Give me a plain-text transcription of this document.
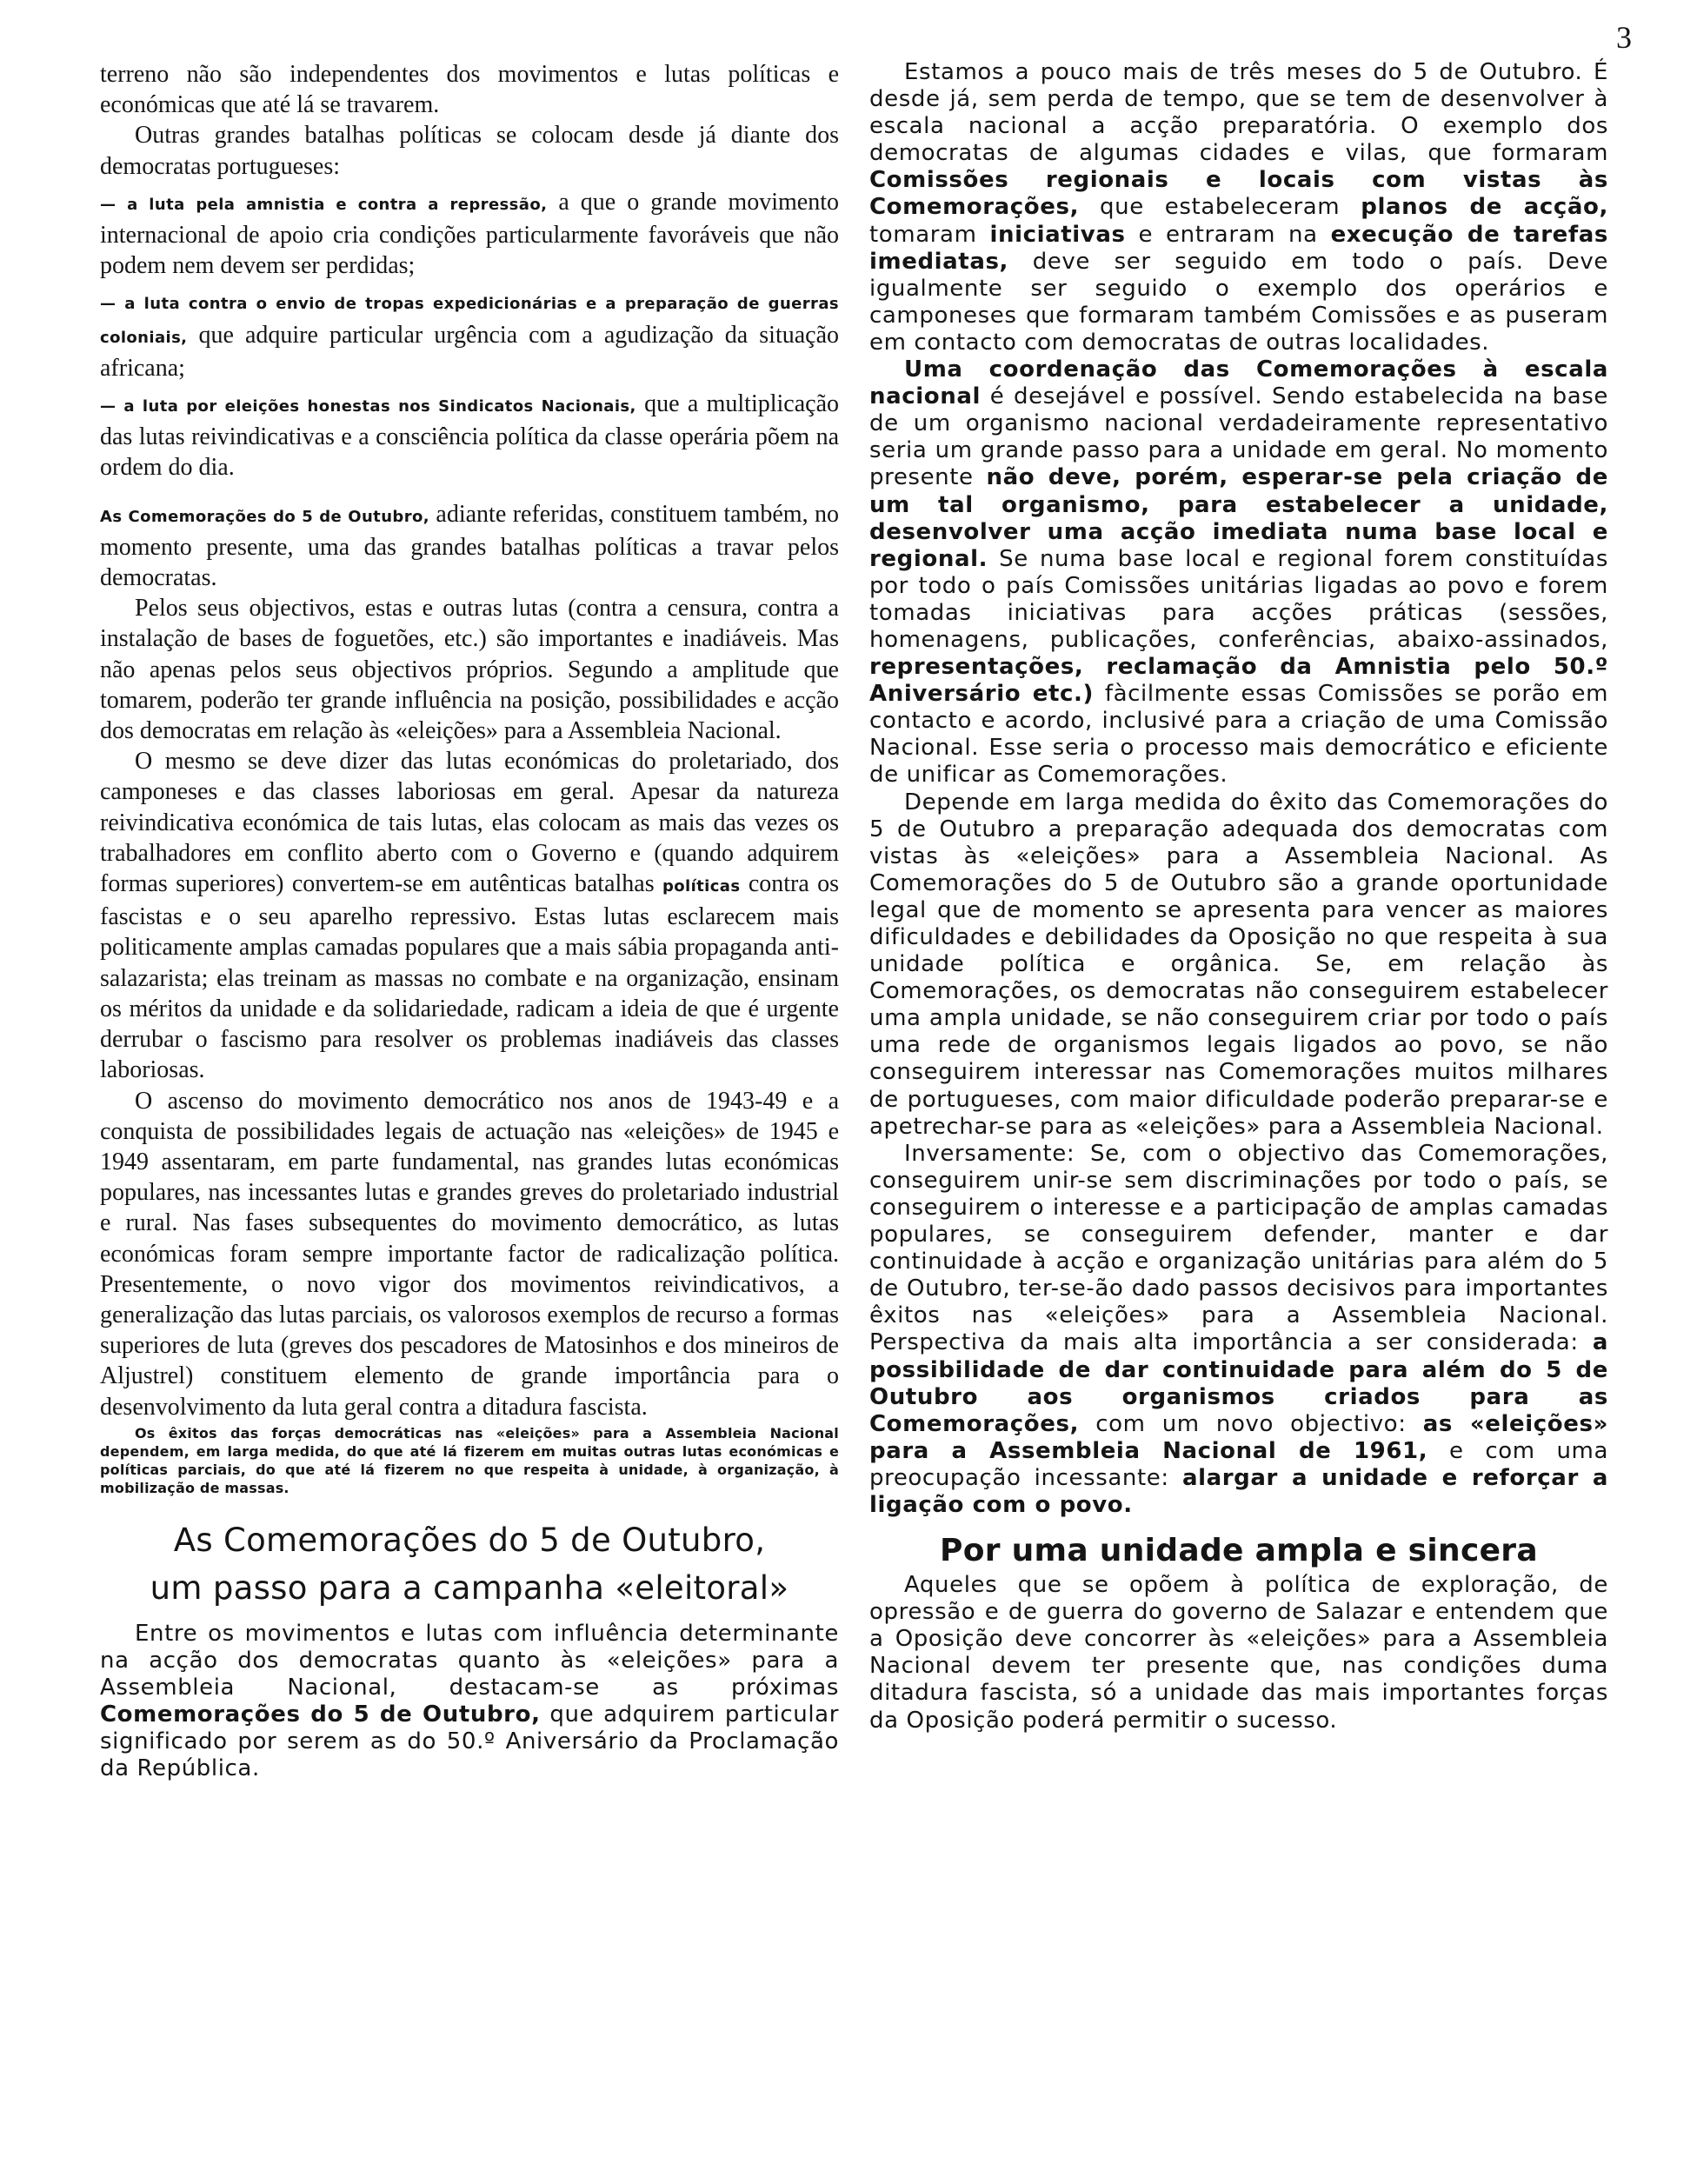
3

terreno não são independentes dos movimentos e lutas políticas e económicas que até lá se travarem.

Outras grandes batalhas políticas se colocam desde já diante dos democratas portugueses:

— a luta pela amnistia e contra a repressão, a que o grande movimento internacional de apoio cria condições particularmente favoráveis que não podem nem devem ser perdidas;

— a luta contra o envio de tropas expedicionárias e a preparação de guerras coloniais, que adquire particular urgência com a agudização da situação africana;

— a luta por eleições honestas nos Sindicatos Nacionais, que a multiplicação das lutas reivindicativas e a consciência política da classe operária põem na ordem do dia.

As Comemorações do 5 de Outubro, adiante referidas, constituem também, no momento presente, uma das grandes batalhas políticas a travar pelos democratas.

Pelos seus objectivos, estas e outras lutas (contra a censura, contra a instalação de bases de foguetões, etc.) são importantes e inadiáveis. Mas não apenas pelos seus objectivos próprios. Segundo a amplitude que tomarem, poderão ter grande influência na posição, possibilidades e acção dos democratas em relação às «eleições» para a Assembleia Nacional.

O mesmo se deve dizer das lutas económicas do proletariado, dos camponeses e das classes laboriosas em geral. Apesar da natureza reivindicativa económica de tais lutas, elas colocam as mais das vezes os trabalhadores em conflito aberto com o Governo e (quando adquirem formas superiores) convertem-se em autênticas batalhas políticas contra os fascistas e o seu aparelho repressivo. Estas lutas esclarecem mais politicamente amplas camadas populares que a mais sábia propaganda anti-salazarista; elas treinam as massas no combate e na organização, ensinam os méritos da unidade e da solidariedade, radicam a ideia de que é urgente derrubar o fascismo para resolver os problemas inadiáveis das classes laboriosas.

O ascenso do movimento democrático nos anos de 1943-49 e a conquista de possibilidades legais de actuação nas «eleições» de 1945 e 1949 assentaram, em parte fundamental, nas grandes lutas económicas populares, nas incessantes lutas e grandes greves do proletariado industrial e rural. Nas fases subsequentes do movimento democrático, as lutas económicas foram sempre importante factor de radicalização política. Presentemente, o novo vigor dos movimentos reivindicativos, a generalização das lutas parciais, os valorosos exemplos de recurso a formas superiores de luta (greves dos pescadores de Matosinhos e dos mineiros de Aljustrel) constituem elemento de grande importância para o desenvolvimento da luta geral contra a ditadura fascista.

Os êxitos das forças democráticas nas «eleições» para a Assembleia Nacional dependem, em larga medida, do que até lá fizerem em muitas outras lutas económicas e políticas parciais, do que até lá fizerem no que respeita à unidade, à organização, à mobilização de massas.

As Comemorações do 5 de Outubro,
um passo para a campanha «eleitoral»

Entre os movimentos e lutas com influência determinante na acção dos democratas quanto às «eleições» para a Assembleia Nacional, destacam-se as próximas Comemorações do 5 de Outubro, que adquirem particular significado por serem as do 50.º Aniversário da Proclamação da República.

Estamos a pouco mais de três meses do 5 de Outubro. É desde já, sem perda de tempo, que se tem de desenvolver à escala nacional a acção preparatória. O exemplo dos democratas de algumas cidades e vilas, que formaram Comissões regionais e locais com vistas às Comemorações, que estabeleceram planos de acção, tomaram iniciativas e entraram na execução de tarefas imediatas, deve ser seguido em todo o país. Deve igualmente ser seguido o exemplo dos operários e camponeses que formaram também Comissões e as puseram em contacto com democratas de outras localidades.

Uma coordenação das Comemorações à escala nacional é desejável e possível. Sendo estabelecida na base de um organismo nacional verdadeiramente representativo seria um grande passo para a unidade em geral. No momento presente não deve, porém, esperar-se pela criação de um tal organismo, para estabelecer a unidade, desenvolver uma acção imediata numa base local e regional. Se numa base local e regional forem constituídas por todo o país Comissões unitárias ligadas ao povo e forem tomadas iniciativas para acções práticas (sessões, homenagens, publicações, conferências, abaixo-assinados, representações, reclamação da Amnistia pelo 50.º Aniversário etc.) fàcilmente essas Comissões se porão em contacto e acordo, inclusivé para a criação de uma Comissão Nacional. Esse seria o processo mais democrático e eficiente de unificar as Comemorações.

Depende em larga medida do êxito das Comemorações do 5 de Outubro a preparação adequada dos democratas com vistas às «eleições» para a Assembleia Nacional. As Comemorações do 5 de Outubro são a grande oportunidade legal que de momento se apresenta para vencer as maiores dificuldades e debilidades da Oposição no que respeita à sua unidade política e orgânica. Se, em relação às Comemorações, os democratas não conseguirem estabelecer uma ampla unidade, se não conseguirem criar por todo o país uma rede de organismos legais ligados ao povo, se não conseguirem interessar nas Comemorações muitos milhares de portugueses, com maior dificuldade poderão preparar-se e apetrechar-se para as «eleições» para a Assembleia Nacional.

Inversamente: Se, com o objectivo das Comemorações, conseguirem unir-se sem discriminações por todo o país, se conseguirem o interesse e a participação de amplas camadas populares, se conseguirem defender, manter e dar continuidade à acção e organização unitárias para além do 5 de Outubro, ter-se-ão dado passos decisivos para importantes êxitos nas «eleições» para a Assembleia Nacional. Perspectiva da mais alta importância a ser considerada: a possibilidade de dar continuidade para além do 5 de Outubro aos organismos criados para as Comemorações, com um novo objectivo: as «eleições» para a Assembleia Nacional de 1961, e com uma preocupação incessante: alargar a unidade e reforçar a ligação com o povo.

Por uma unidade ampla e sincera

Aqueles que se opõem à política de exploração, de opressão e de guerra do governo de Salazar e entendem que a Oposição deve concorrer às «eleições» para a Assembleia Nacional devem ter presente que, nas condições duma ditadura fascista, só a unidade das mais importantes forças da Oposição poderá permitir o sucesso.
